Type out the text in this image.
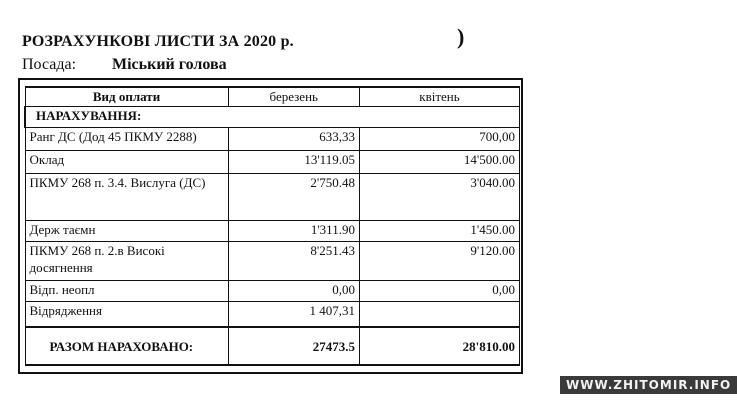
РОЗРАХУНКОВІ ЛИСТИ ЗА 2020 р.	)
Посада: Міський голова
Вид оплати	березень	квітень
НАРАХУВАННЯ:		
Ранг ДС (Дод 45 ПКМУ 2288)	633,33	700,00
Оклад	13'119.05	14'500.00
ПКМУ 268 п. 3.4. Вислуга (ДС)	2'750.48	3'040.00
Держ таємн	1'311.90	1'450.00
ПКМУ 268 п. 2.в Високі досягнення	8'251.43	9'120.00
Відп. неопл	0,00	0,00
Відрядження	1 407,31	
РАЗОМ НАРАХОВАНО:	27473.5	28'810.00
WWW.ZHITOMIR.INFO
